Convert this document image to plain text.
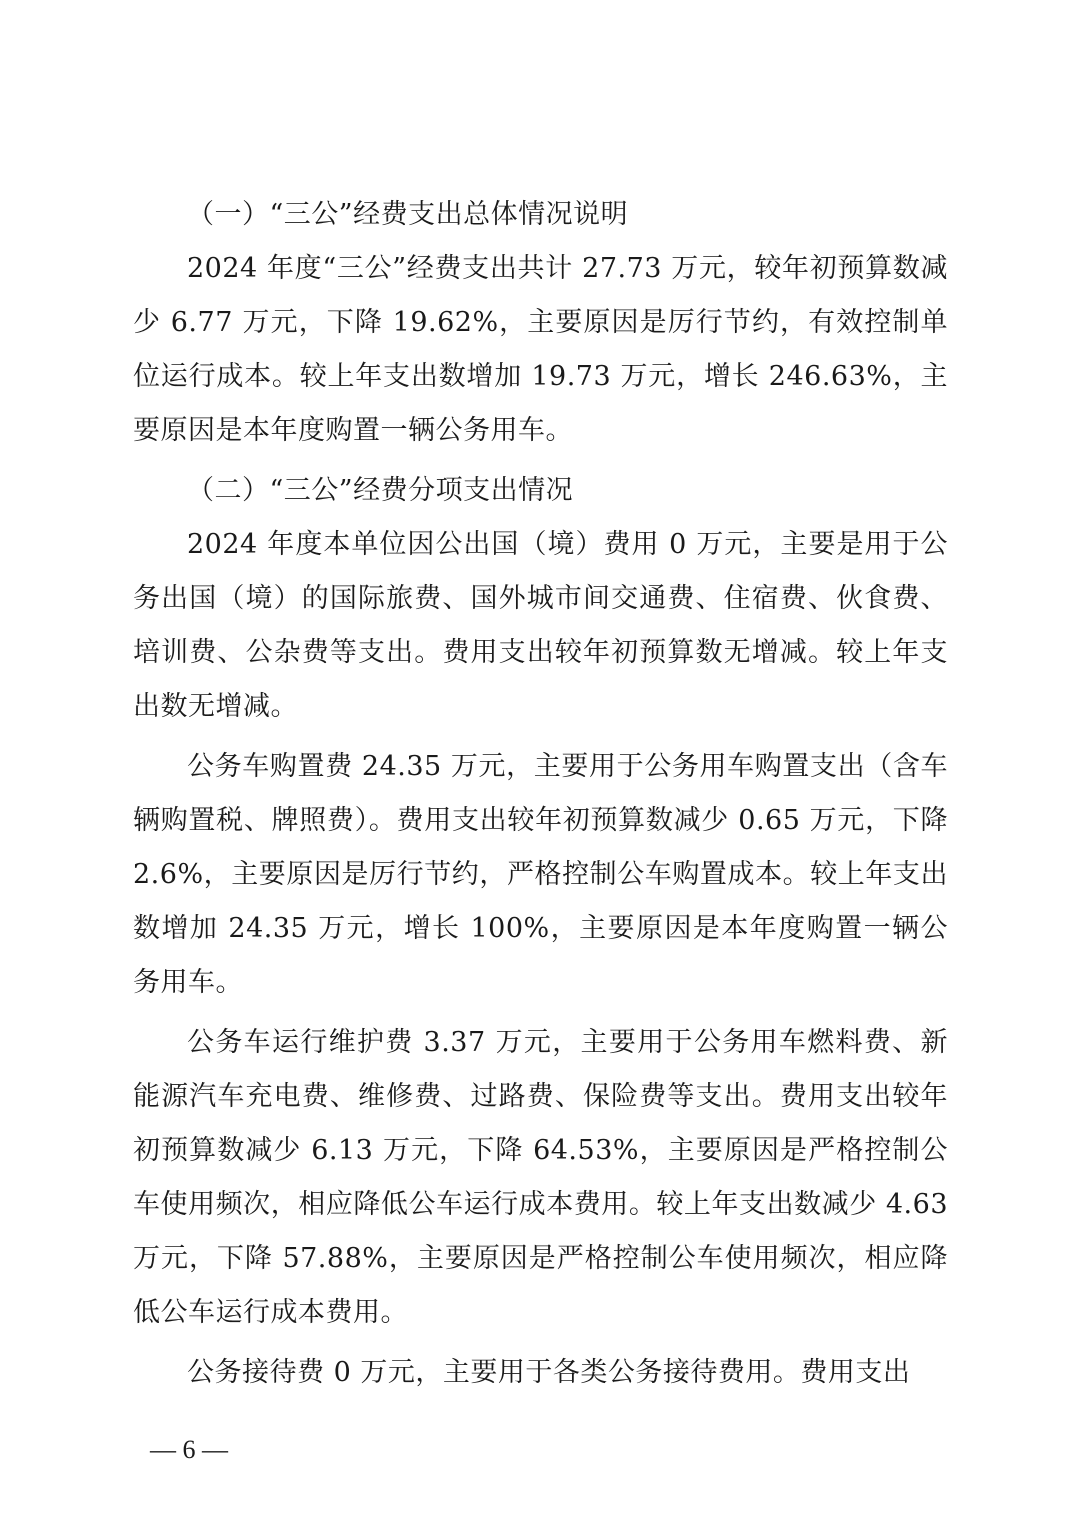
（一）“三公”经费支出总体情况说明

2024 年度“三公”经费支出共计 27.73 万元，较年初预算数减少 6.77 万元，下降 19.62%，主要原因是厉行节约，有效控制单位运行成本。较上年支出数增加 19.73 万元，增长 246.63%，主要原因是本年度购置一辆公务用车。

（二）“三公”经费分项支出情况

2024 年度本单位因公出国（境）费用 0 万元，主要是用于公务出国（境）的国际旅费、国外城市间交通费、住宿费、伙食费、培训费、公杂费等支出。费用支出较年初预算数无增减。较上年支出数无增减。

公务车购置费 24.35 万元，主要用于公务用车购置支出（含车辆购置税、牌照费）。费用支出较年初预算数减少 0.65 万元，下降 2.6%，主要原因是厉行节约，严格控制公车购置成本。较上年支出数增加 24.35 万元，增长 100%，主要原因是本年度购置一辆公务用车。

公务车运行维护费 3.37 万元，主要用于公务用车燃料费、新能源汽车充电费、维修费、过路费、保险费等支出。费用支出较年初预算数减少 6.13 万元，下降 64.53%，主要原因是严格控制公车使用频次，相应降低公车运行成本费用。较上年支出数减少 4.63 万元，下降 57.88%，主要原因是严格控制公车使用频次，相应降低公车运行成本费用。

公务接待费 0 万元，主要用于各类公务接待费用。费用支出

— 6 —
